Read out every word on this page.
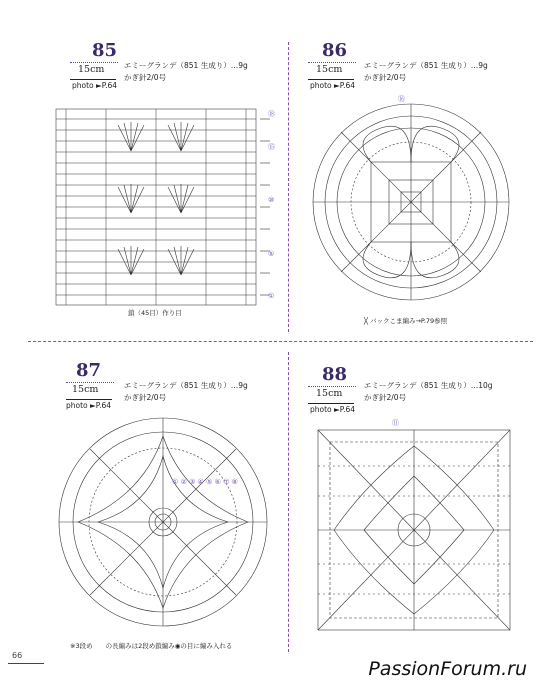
85
15cm
photo ►P.64
エミーグランデ（851 生成り）…9g
かぎ針2/0号
⑱
⑮
⑩
⑤
①
鎖（45目）作り目
86
15cm
photo ►P.64
エミーグランデ（851 生成り）…9g
かぎ針2/0号
⑯
╳ バックこま編み→P.79参照
87
15cm
photo ►P.64
エミーグランデ（851 生成り）…9g
かぎ針2/0号
① ② ③ ④ ⑤ ⑥ ⑦ ⑧
※3段め　　の長編みは2段め鎖編み◉の目に編み入れる
88
15cm
photo ►P.64
エミーグランデ（851 生成り）…10g
かぎ針2/0号
⑪
66
PassionForum.ru
